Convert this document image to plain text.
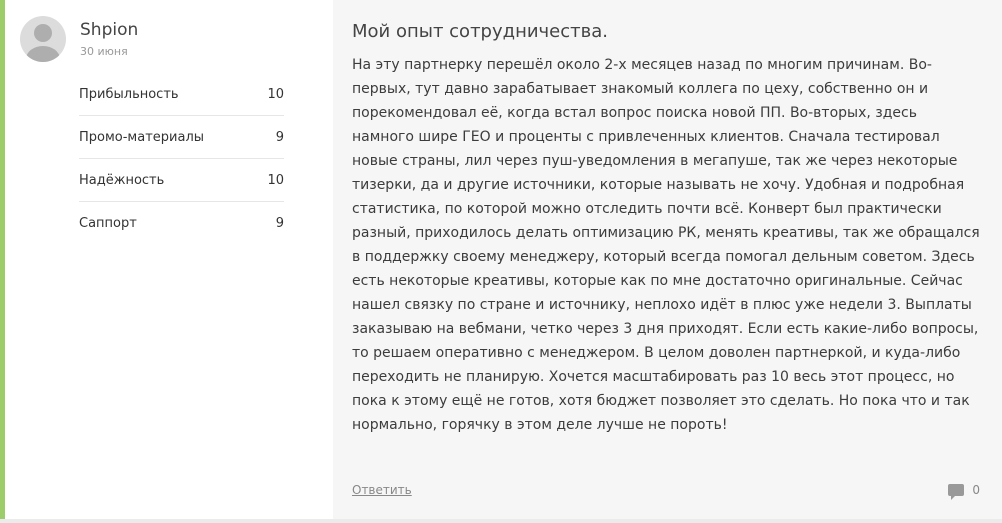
Shpion
30 июня
Прибыльность	10
Промо-материалы	9
Надёжность	10
Саппорт	9
Мой опыт сотрудничества.
На эту партнерку перешёл около 2-х месяцев назад по многим причинам. Во-первых, тут давно зарабатывает знакомый коллега по цеху, собственно он и порекомендовал её, когда встал вопрос поиска новой ПП. Во-вторых, здесь намного шире ГЕО и проценты с привлеченных клиентов. Сначала тестировал новые страны, лил через пуш-уведомления в мегапуше, так же через некоторые тизерки, да и другие источники, которые называть не хочу. Удобная и подробная статистика, по которой можно отследить почти всё. Конверт был практически разный, приходилось делать оптимизацию РК, менять креативы, так же обращался в поддержку своему менеджеру, который всегда помогал дельным советом. Здесь есть некоторые креативы, которые как по мне достаточно оригинальные. Сейчас нашел связку по стране и источнику, неплохо идёт в плюс уже недели 3. Выплаты заказываю на вебмани, четко через 3 дня приходят. Если есть какие-либо вопросы, то решаем оперативно с менеджером. В целом доволен партнеркой, и куда-либо переходить не планирую. Хочется масштабировать раз 10 весь этот процесс, но пока к этому ещё не готов, хотя бюджет позволяет это сделать. Но пока что и так нормально, горячку в этом деле лучше не пороть!
Ответить	0
